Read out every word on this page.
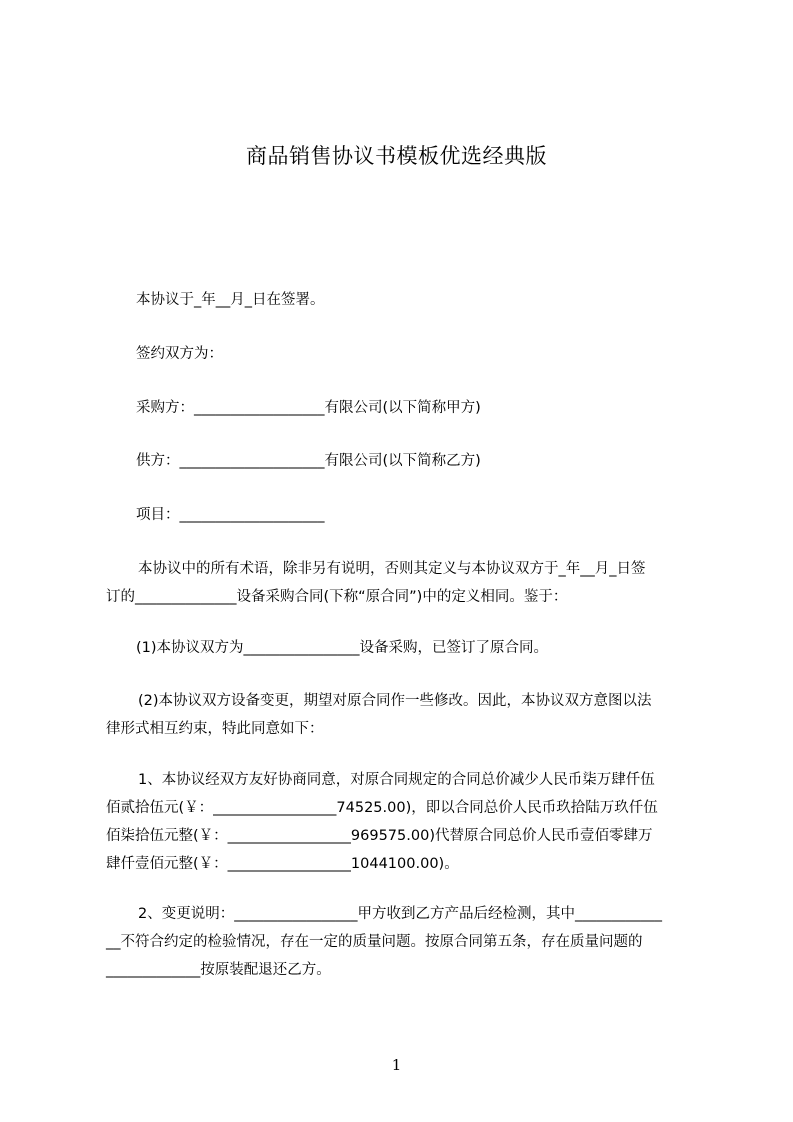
商品销售协议书模板优选经典版
本协议于_年__月_日在签署。
签约双方为：
采购方：__________________有限公司(以下简称甲方)
供方：____________________有限公司(以下简称乙方)
项目：____________________
本协议中的所有术语，除非另有说明，否则其定义与本协议双方于_年__月_日签
订的______________设备采购合同(下称“原合同”)中的定义相同。鉴于：
(1)本协议双方为________________设备采购，已签订了原合同。
(2)本协议双方设备变更，期望对原合同作一些修改。因此，本协议双方意图以法
律形式相互约束，特此同意如下：
1、本协议经双方友好协商同意，对原合同规定的合同总价减少人民币柒万肆仟伍
佰贰拾伍元(￥：_________________74525.00)，即以合同总价人民币玖拾陆万玖仟伍
佰柒拾伍元整(￥：_________________969575.00)代替原合同总价人民币壹佰零肆万
肆仟壹佰元整(￥：_________________1044100.00)。
2、变更说明：_________________甲方收到乙方产品后经检测，其中____________
__不符合约定的检验情况，存在一定的质量问题。按原合同第五条，存在质量问题的
_____________按原装配退还乙方。
1
